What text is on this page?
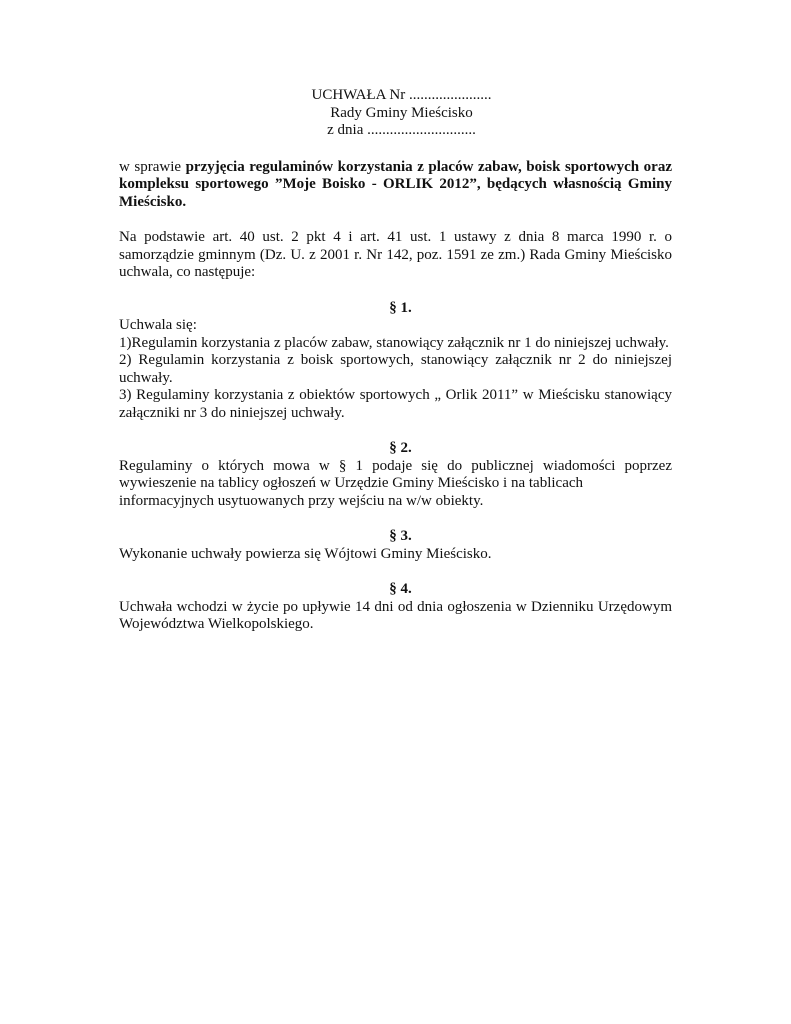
UCHWAŁA Nr ......................
Rady Gminy Mieścisko
z dnia .............................
w sprawie przyjęcia regulaminów korzystania z placów zabaw, boisk sportowych oraz kompleksu sportowego ”Moje Boisko - ORLIK 2012”, będących własnością Gminy Mieścisko.
Na podstawie art. 40 ust. 2 pkt 4 i art. 41 ust. 1 ustawy z dnia 8 marca 1990 r. o samorządzie gminnym (Dz. U. z 2001 r. Nr 142, poz. 1591 ze zm.) Rada Gminy Mieścisko uchwala, co następuje:
§ 1.
Uchwala się:
1)Regulamin korzystania z placów zabaw, stanowiący załącznik nr 1 do niniejszej uchwały.
2) Regulamin korzystania z boisk sportowych, stanowiący załącznik nr 2 do niniejszej uchwały.
3) Regulaminy korzystania z obiektów sportowych „ Orlik 2011” w Mieścisku stanowiący załączniki nr 3 do niniejszej uchwały.
§ 2.
Regulaminy o których mowa w § 1 podaje się do publicznej wiadomości poprzez
wywieszenie na tablicy ogłoszeń w Urzędzie Gminy Mieścisko i na tablicach
informacyjnych usytuowanych przy wejściu na w/w obiekty.
§ 3.
Wykonanie uchwały powierza się Wójtowi Gminy Mieścisko.
§ 4.
Uchwała wchodzi w życie po upływie 14 dni od dnia ogłoszenia w Dzienniku Urzędowym Województwa Wielkopolskiego.
